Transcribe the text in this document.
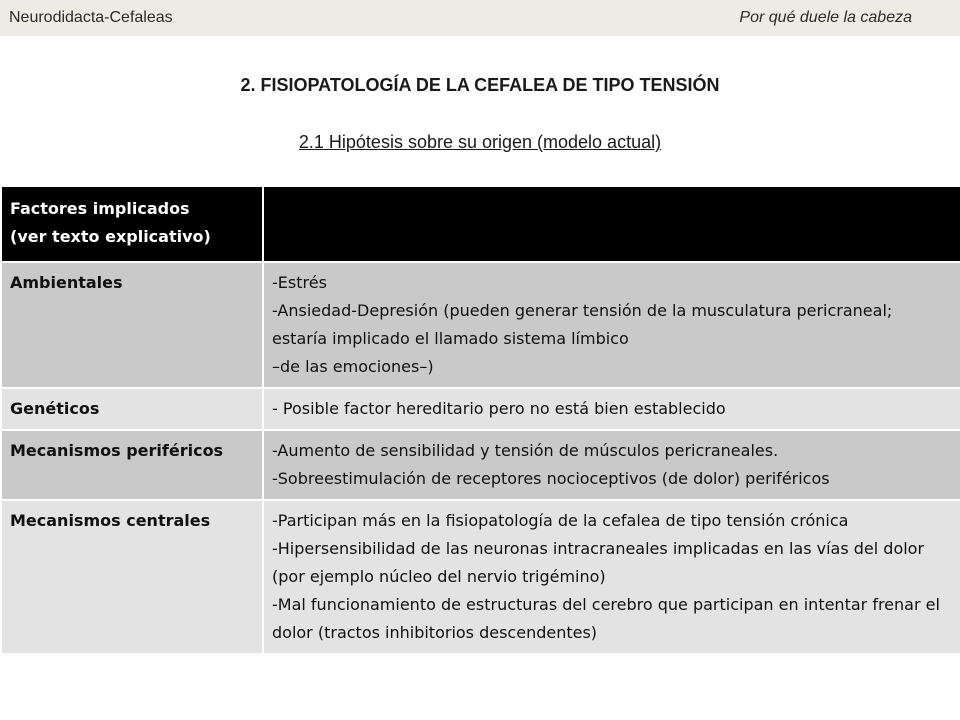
Neurodidacta-Cefaleas	Por qué duele la cabeza
2. FISIOPATOLOGÍA DE LA CEFALEA DE TIPO TENSIÓN
2.1 Hipótesis sobre su origen (modelo actual)
Factores implicados
(ver texto explicativo)	

Ambientales	-Estrés
-Ansiedad-Depresión (pueden generar tensión de la musculatura pericraneal; estaría implicado el llamado sistema límbico
–de las emociones–)

Genéticos	- Posible factor hereditario pero no está bien establecido

Mecanismos periféricos	-Aumento de sensibilidad y tensión de músculos pericraneales.
-Sobreestimulación de receptores nocioceptivos (de dolor) periféricos

Mecanismos centrales	-Participan más en la fisiopatología de la cefalea de tipo tensión crónica
-Hipersensibilidad de las neuronas intracraneales implicadas en las vías del dolor (por ejemplo núcleo del nervio trigémino)
-Mal funcionamiento de estructuras del cerebro que participan en intentar frenar el dolor (tractos inhibitorios descendentes)
